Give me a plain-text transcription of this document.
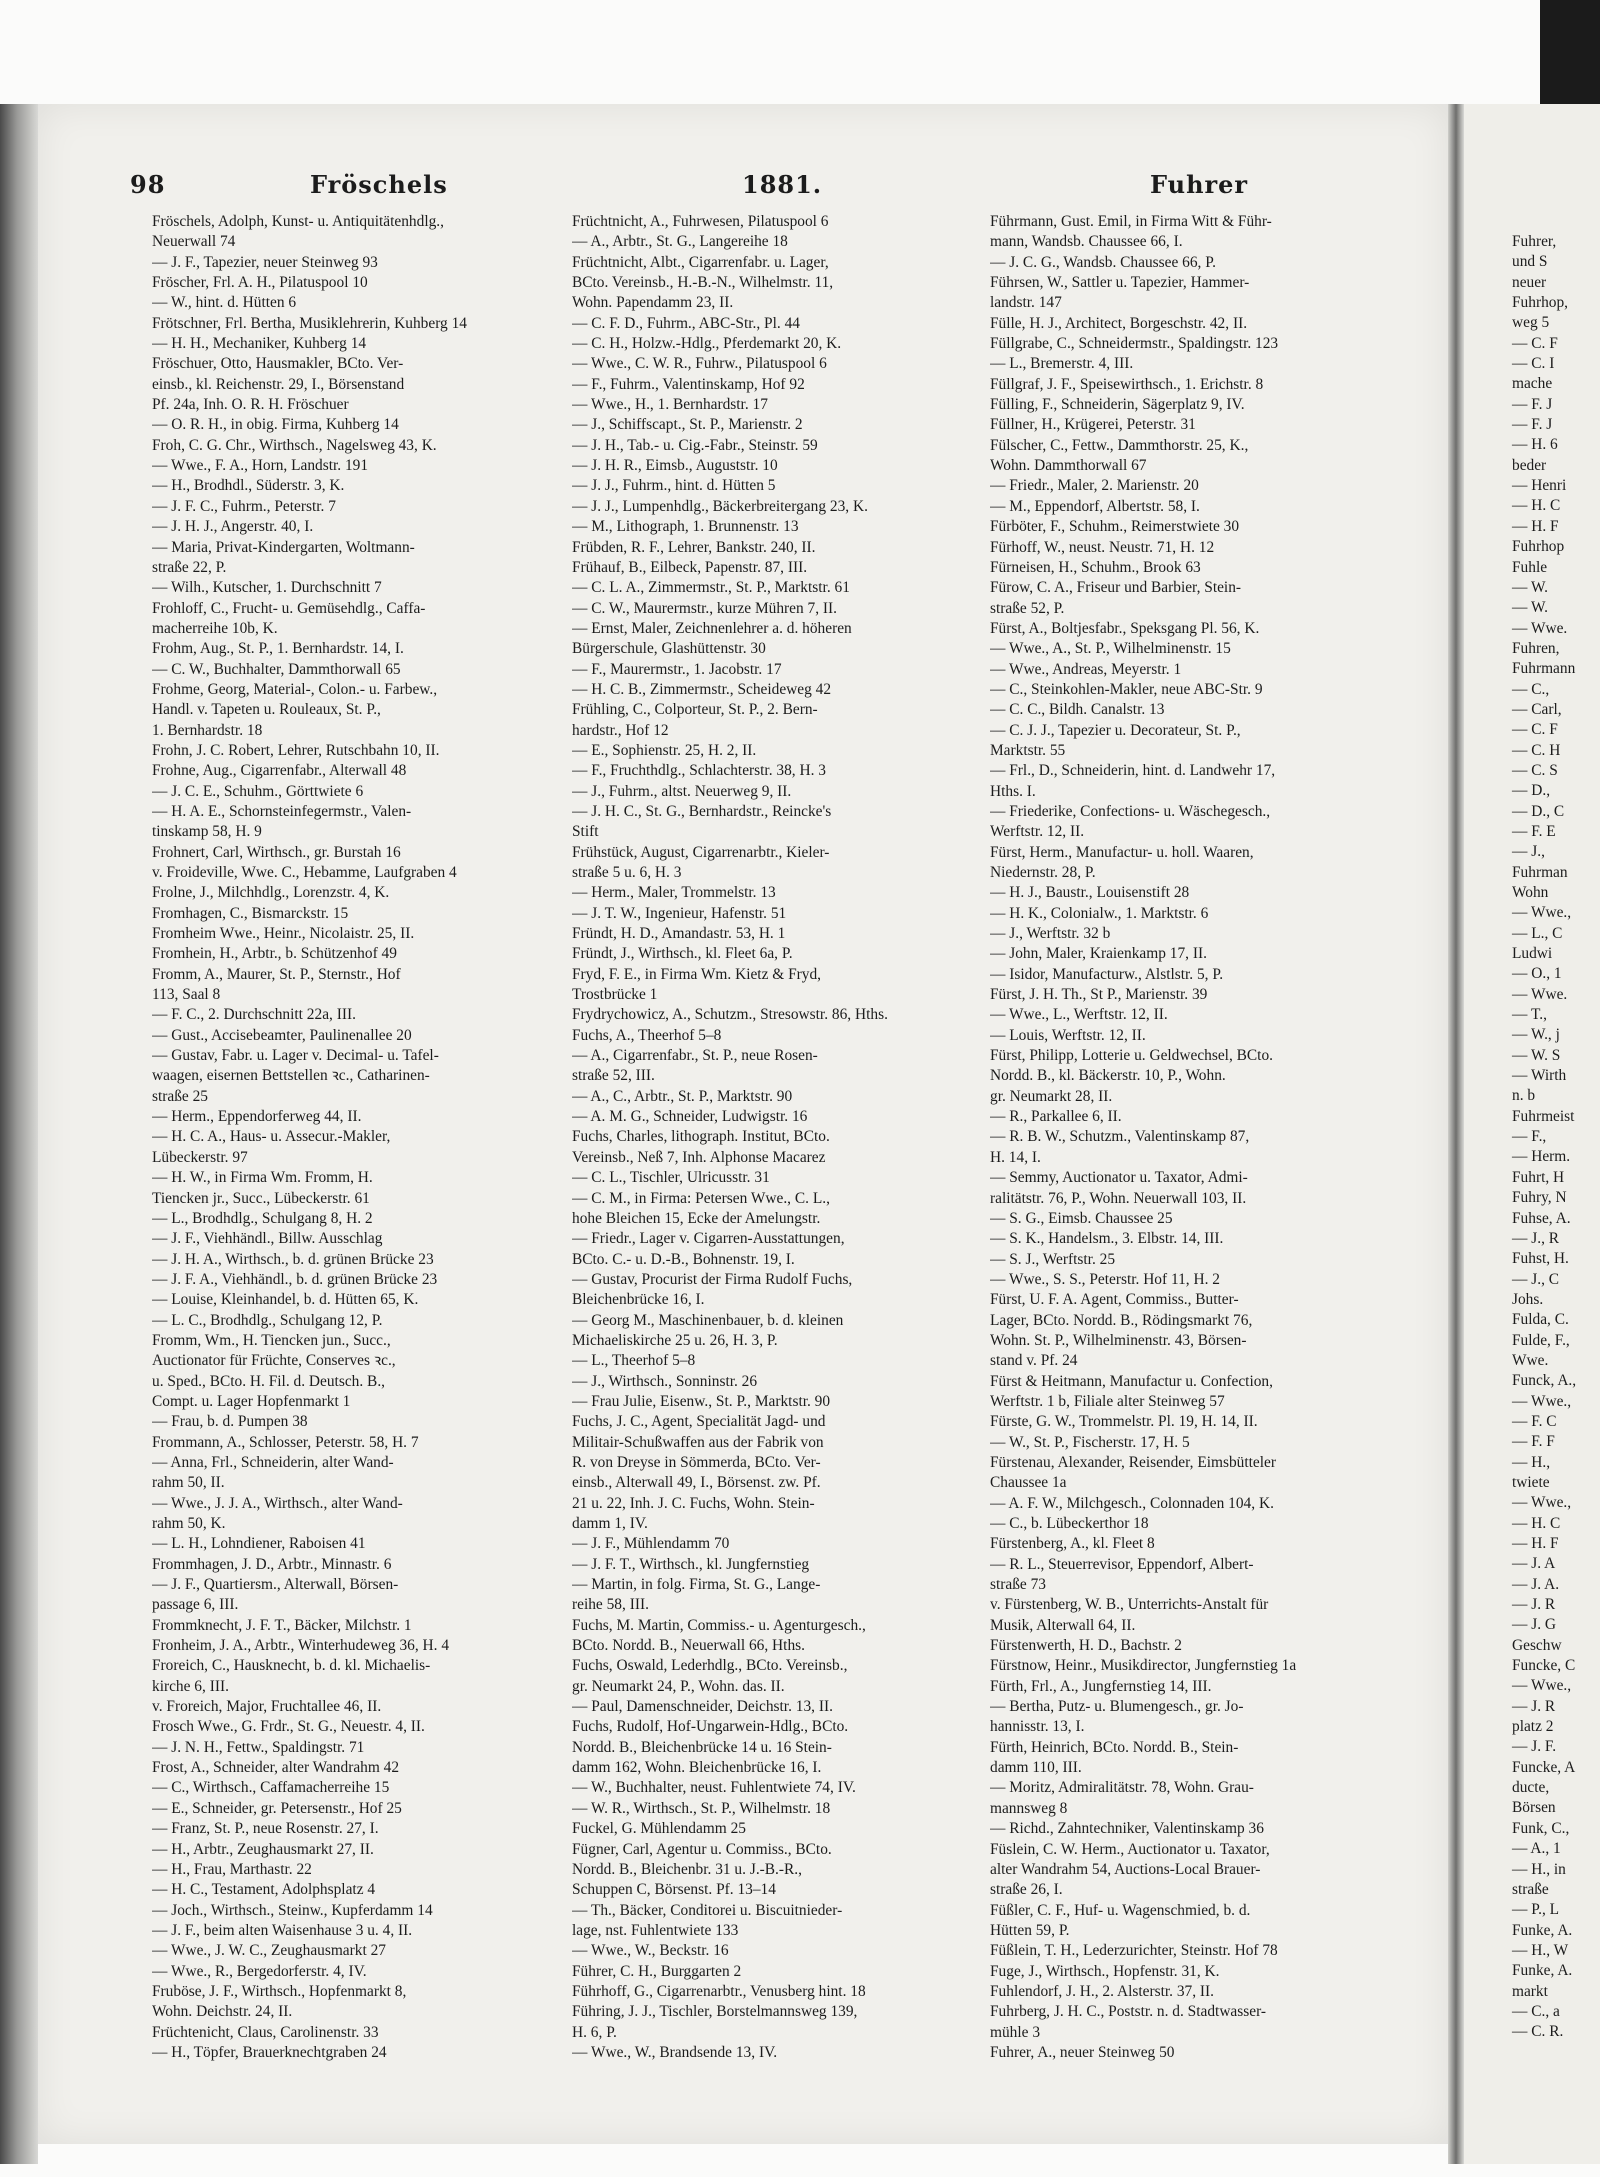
Fuhrer,
und S
neuer
Fuhrhop,
weg 5
— C. F
— C. I
mache
— F. J
— F. J
— H. 6
beder
— Henri
— H. C
— H. F
Fuhrhop
Fuhle
— W.
— W.
— Wwe.
Fuhren,
Fuhrmann
— C.,
— Carl,
— C. F
— C. H
— C. S
— D.,
— D., C
— F. E
— J.,
Fuhrman
Wohn
— Wwe.,
— L., C
Ludwi
— O., 1
— Wwe.
— T.,
— W., j
— W. S
— Wirth
n. b
Fuhrmeist
— F.,
— Herm.
Fuhrt, H
Fuhry, N
Fuhse, A.
— J., R
Fuhst, H.
— J., C
Johs.
Fulda, C.
Fulde, F.,
Wwe.
Funck, A.,
— Wwe.,
— F. C
— F. F
— H.,
twiete
— Wwe.,
— H. C
— H. F
— J. A
— J. A.
— J. R
— J. G
Geschw
Funcke, C
— Wwe.,
— J. R
platz 2
— J. F.
Funcke, A
ducte,
Börsen
Funk, C.,
— A., 1
— H., in
straße
— P., L
Funke, A.
— H., W
Funke, A.
markt
— C., a
— C. R.
98	Fröschels	1881.	Fuhrer
Fröschels, Adolph, Kunst- u. Antiquitätenhdlg.,
Neuerwall 74
— J. F., Tapezier, neuer Steinweg 93
Fröscher, Frl. A. H., Pilatuspool 10
— W., hint. d. Hütten 6
Frötschner, Frl. Bertha, Musiklehrerin, Kuhberg 14
— H. H., Mechaniker, Kuhberg 14
Fröschuer, Otto, Hausmakler, BCto. Ver-
einsb., kl. Reichenstr. 29, I., Börsenstand
Pf. 24a, Inh. O. R. H. Fröschuer
— O. R. H., in obig. Firma, Kuhberg 14
Froh, C. G. Chr., Wirthsch., Nagelsweg 43, K.
— Wwe., F. A., Horn, Landstr. 191
— H., Brodhdl., Süderstr. 3, K.
— J. F. C., Fuhrm., Peterstr. 7
— J. H. J., Angerstr. 40, I.
— Maria, Privat-Kindergarten, Woltmann-
straße 22, P.
— Wilh., Kutscher, 1. Durchschnitt 7
Frohloff, C., Frucht- u. Gemüsehdlg., Caffa-
macherreihe 10b, K.
Frohm, Aug., St. P., 1. Bernhardstr. 14, I.
— C. W., Buchhalter, Dammthorwall 65
Frohme, Georg, Material-, Colon.- u. Farbew.,
Handl. v. Tapeten u. Rouleaux, St. P.,
1. Bernhardstr. 18
Frohn, J. C. Robert, Lehrer, Rutschbahn 10, II.
Frohne, Aug., Cigarrenfabr., Alterwall 48
— J. C. E., Schuhm., Görttwiete 6
— H. A. E., Schornsteinfegermstr., Valen-
tinskamp 58, H. 9
Frohnert, Carl, Wirthsch., gr. Burstah 16
v. Froideville, Wwe. C., Hebamme, Laufgraben 4
Frolne, J., Milchhdlg., Lorenzstr. 4, K.
Fromhagen, C., Bismarckstr. 15
Fromheim Wwe., Heinr., Nicolaistr. 25, II.
Fromhein, H., Arbtr., b. Schützenhof 49
Fromm, A., Maurer, St. P., Sternstr., Hof
113, Saal 8
— F. C., 2. Durchschnitt 22a, III.
— Gust., Accisebeamter, Paulinenallee 20
— Gustav, Fabr. u. Lager v. Decimal- u. Tafel-
waagen, eisernen Bettstellen ꝛc., Catharinen-
straße 25
— Herm., Eppendorferweg 44, II.
— H. C. A., Haus- u. Assecur.-Makler,
Lübeckerstr. 97
— H. W., in Firma Wm. Fromm, H.
Tiencken jr., Succ., Lübeckerstr. 61
— L., Brodhdlg., Schulgang 8, H. 2
— J. F., Viehhändl., Billw. Ausschlag
— J. H. A., Wirthsch., b. d. grünen Brücke 23
— J. F. A., Viehhändl., b. d. grünen Brücke 23
— Louise, Kleinhandel, b. d. Hütten 65, K.
— L. C., Brodhdlg., Schulgang 12, P.
Fromm, Wm., H. Tiencken jun., Succ.,
Auctionator für Früchte, Conserves ꝛc.,
u. Sped., BCto. H. Fil. d. Deutsch. B.,
Compt. u. Lager Hopfenmarkt 1
— Frau, b. d. Pumpen 38
Frommann, A., Schlosser, Peterstr. 58, H. 7
— Anna, Frl., Schneiderin, alter Wand-
rahm 50, II.
— Wwe., J. J. A., Wirthsch., alter Wand-
rahm 50, K.
— L. H., Lohndiener, Raboisen 41
Frommhagen, J. D., Arbtr., Minnastr. 6
— J. F., Quartiersm., Alterwall, Börsen-
passage 6, III.
Frommknecht, J. F. T., Bäcker, Milchstr. 1
Fronheim, J. A., Arbtr., Winterhudeweg 36, H. 4
Froreich, C., Hausknecht, b. d. kl. Michaelis-
kirche 6, III.
v. Froreich, Major, Fruchtallee 46, II.
Frosch Wwe., G. Frdr., St. G., Neuestr. 4, II.
— J. N. H., Fettw., Spaldingstr. 71
Frost, A., Schneider, alter Wandrahm 42
— C., Wirthsch., Caffamacherreihe 15
— E., Schneider, gr. Petersenstr., Hof 25
— Franz, St. P., neue Rosenstr. 27, I.
— H., Arbtr., Zeughausmarkt 27, II.
— H., Frau, Marthastr. 22
— H. C., Testament, Adolphsplatz 4
— Joch., Wirthsch., Steinw., Kupferdamm 14
— J. F., beim alten Waisenhause 3 u. 4, II.
— Wwe., J. W. C., Zeughausmarkt 27
— Wwe., R., Bergedorferstr. 4, IV.
Fruböse, J. F., Wirthsch., Hopfenmarkt 8,
Wohn. Deichstr. 24, II.
Früchtenicht, Claus, Carolinenstr. 33
— H., Töpfer, Brauerknechtgraben 24
Früchtnicht, A., Fuhrwesen, Pilatuspool 6
— A., Arbtr., St. G., Langereihe 18
Früchtnicht, Albt., Cigarrenfabr. u. Lager,
BCto. Vereinsb., H.-B.-N., Wilhelmstr. 11,
Wohn. Papendamm 23, II.
— C. F. D., Fuhrm., ABC-Str., Pl. 44
— C. H., Holzw.-Hdlg., Pferdemarkt 20, K.
— Wwe., C. W. R., Fuhrw., Pilatuspool 6
— F., Fuhrm., Valentinskamp, Hof 92
— Wwe., H., 1. Bernhardstr. 17
— J., Schiffscapt., St. P., Marienstr. 2
— J. H., Tab.- u. Cig.-Fabr., Steinstr. 59
— J. H. R., Eimsb., Auguststr. 10
— J. J., Fuhrm., hint. d. Hütten 5
— J. J., Lumpenhdlg., Bäckerbreitergang 23, K.
— M., Lithograph, 1. Brunnenstr. 13
Frübden, R. F., Lehrer, Bankstr. 240, II.
Frühauf, B., Eilbeck, Papenstr. 87, III.
— C. L. A., Zimmermstr., St. P., Marktstr. 61
— C. W., Maurermstr., kurze Mühren 7, II.
— Ernst, Maler, Zeichnenlehrer a. d. höheren
Bürgerschule, Glashüttenstr. 30
— F., Maurermstr., 1. Jacobstr. 17
— H. C. B., Zimmermstr., Scheideweg 42
Frühling, C., Colporteur, St. P., 2. Bern-
hardstr., Hof 12
— E., Sophienstr. 25, H. 2, II.
— F., Fruchthdlg., Schlachterstr. 38, H. 3
— J., Fuhrm., altst. Neuerweg 9, II.
— J. H. C., St. G., Bernhardstr., Reincke's
Stift
Frühstück, August, Cigarrenarbtr., Kieler-
straße 5 u. 6, H. 3
— Herm., Maler, Trommelstr. 13
— J. T. W., Ingenieur, Hafenstr. 51
Fründt, H. D., Amandastr. 53, H. 1
Fründt, J., Wirthsch., kl. Fleet 6a, P.
Fryd, F. E., in Firma Wm. Kietz & Fryd,
Trostbrücke 1
Frydrychowicz, A., Schutzm., Stresowstr. 86, Hths.
Fuchs, A., Theerhof 5–8
— A., Cigarrenfabr., St. P., neue Rosen-
straße 52, III.
— A., C., Arbtr., St. P., Marktstr. 90
— A. M. G., Schneider, Ludwigstr. 16
Fuchs, Charles, lithograph. Institut, BCto.
Vereinsb., Neß 7, Inh. Alphonse Macarez
— C. L., Tischler, Ulricusstr. 31
— C. M., in Firma: Petersen Wwe., C. L.,
hohe Bleichen 15, Ecke der Amelungstr.
— Friedr., Lager v. Cigarren-Ausstattungen,
BCto. C.- u. D.-B., Bohnenstr. 19, I.
— Gustav, Procurist der Firma Rudolf Fuchs,
Bleichenbrücke 16, I.
— Georg M., Maschinenbauer, b. d. kleinen
Michaeliskirche 25 u. 26, H. 3, P.
— L., Theerhof 5–8
— J., Wirthsch., Sonninstr. 26
— Frau Julie, Eisenw., St. P., Marktstr. 90
Fuchs, J. C., Agent, Specialität Jagd- und
Militair-Schußwaffen aus der Fabrik von
R. von Dreyse in Sömmerda, BCto. Ver-
einsb., Alterwall 49, I., Börsenst. zw. Pf.
21 u. 22, Inh. J. C. Fuchs, Wohn. Stein-
damm 1, IV.
— J. F., Mühlendamm 70
— J. F. T., Wirthsch., kl. Jungfernstieg
— Martin, in folg. Firma, St. G., Lange-
reihe 58, III.
Fuchs, M. Martin, Commiss.- u. Agenturgesch.,
BCto. Nordd. B., Neuerwall 66, Hths.
Fuchs, Oswald, Lederhdlg., BCto. Vereinsb.,
gr. Neumarkt 24, P., Wohn. das. II.
— Paul, Damenschneider, Deichstr. 13, II.
Fuchs, Rudolf, Hof-Ungarwein-Hdlg., BCto.
Nordd. B., Bleichenbrücke 14 u. 16 Stein-
damm 162, Wohn. Bleichenbrücke 16, I.
— W., Buchhalter, neust. Fuhlentwiete 74, IV.
— W. R., Wirthsch., St. P., Wilhelmstr. 18
Fuckel, G. Mühlendamm 25
Fügner, Carl, Agentur u. Commiss., BCto.
Nordd. B., Bleichenbr. 31 u. J.-B.-R.,
Schuppen C, Börsenst. Pf. 13–14
— Th., Bäcker, Conditorei u. Biscuitnieder-
lage, nst. Fuhlentwiete 133
— Wwe., W., Beckstr. 16
Führer, C. H., Burggarten 2
Führhoff, G., Cigarrenarbtr., Venusberg hint. 18
Führing, J. J., Tischler, Borstelmannsweg 139,
H. 6, P.
— Wwe., W., Brandsende 13, IV.
Führmann, Gust. Emil, in Firma Witt & Führ-
mann, Wandsb. Chaussee 66, I.
— J. C. G., Wandsb. Chaussee 66, P.
Führsen, W., Sattler u. Tapezier, Hammer-
landstr. 147
Fülle, H. J., Architect, Borgeschstr. 42, II.
Füllgrabe, C., Schneidermstr., Spaldingstr. 123
— L., Bremerstr. 4, III.
Füllgraf, J. F., Speisewirthsch., 1. Erichstr. 8
Fülling, F., Schneiderin, Sägerplatz 9, IV.
Füllner, H., Krügerei, Peterstr. 31
Fülscher, C., Fettw., Dammthorstr. 25, K.,
Wohn. Dammthorwall 67
— Friedr., Maler, 2. Marienstr. 20
— M., Eppendorf, Albertstr. 58, I.
Fürböter, F., Schuhm., Reimerstwiete 30
Fürhoff, W., neust. Neustr. 71, H. 12
Fürneisen, H., Schuhm., Brook 63
Fürow, C. A., Friseur und Barbier, Stein-
straße 52, P.
Fürst, A., Boltjesfabr., Speksgang Pl. 56, K.
— Wwe., A., St. P., Wilhelminenstr. 15
— Wwe., Andreas, Meyerstr. 1
— C., Steinkohlen-Makler, neue ABC-Str. 9
— C. C., Bildh. Canalstr. 13
— C. J. J., Tapezier u. Decorateur, St. P.,
Marktstr. 55
— Frl., D., Schneiderin, hint. d. Landwehr 17,
Hths. I.
— Friederike, Confections- u. Wäschegesch.,
Werftstr. 12, II.
Fürst, Herm., Manufactur- u. holl. Waaren,
Niedernstr. 28, P.
— H. J., Baustr., Louisenstift 28
— H. K., Colonialw., 1. Marktstr. 6
— J., Werftstr. 32 b
— John, Maler, Kraienkamp 17, II.
— Isidor, Manufacturw., Alstlstr. 5, P.
Fürst, J. H. Th., St P., Marienstr. 39
— Wwe., L., Werftstr. 12, II.
— Louis, Werftstr. 12, II.
Fürst, Philipp, Lotterie u. Geldwechsel, BCto.
Nordd. B., kl. Bäckerstr. 10, P., Wohn.
gr. Neumarkt 28, II.
— R., Parkallee 6, II.
— R. B. W., Schutzm., Valentinskamp 87,
H. 14, I.
— Semmy, Auctionator u. Taxator, Admi-
ralitätstr. 76, P., Wohn. Neuerwall 103, II.
— S. G., Eimsb. Chaussee 25
— S. K., Handelsm., 3. Elbstr. 14, III.
— S. J., Werftstr. 25
— Wwe., S. S., Peterstr. Hof 11, H. 2
Fürst, U. F. A. Agent, Commiss., Butter-
Lager, BCto. Nordd. B., Rödingsmarkt 76,
Wohn. St. P., Wilhelminenstr. 43, Börsen-
stand v. Pf. 24
Fürst & Heitmann, Manufactur u. Confection,
Werftstr. 1 b, Filiale alter Steinweg 57
Fürste, G. W., Trommelstr. Pl. 19, H. 14, II.
— W., St. P., Fischerstr. 17, H. 5
Fürstenau, Alexander, Reisender, Eimsbütteler
Chaussee 1a
— A. F. W., Milchgesch., Colonnaden 104, K.
— C., b. Lübeckerthor 18
Fürstenberg, A., kl. Fleet 8
— R. L., Steuerrevisor, Eppendorf, Albert-
straße 73
v. Fürstenberg, W. B., Unterrichts-Anstalt für
Musik, Alterwall 64, II.
Fürstenwerth, H. D., Bachstr. 2
Fürstnow, Heinr., Musikdirector, Jungfernstieg 1a
Fürth, Frl., A., Jungfernstieg 14, III.
— Bertha, Putz- u. Blumengesch., gr. Jo-
hannisstr. 13, I.
Fürth, Heinrich, BCto. Nordd. B., Stein-
damm 110, III.
— Moritz, Admiralitätstr. 78, Wohn. Grau-
mannsweg 8
— Richd., Zahntechniker, Valentinskamp 36
Füslein, C. W. Herm., Auctionator u. Taxator,
alter Wandrahm 54, Auctions-Local Brauer-
straße 26, I.
Füßler, C. F., Huf- u. Wagenschmied, b. d.
Hütten 59, P.
Füßlein, T. H., Lederzurichter, Steinstr. Hof 78
Fuge, J., Wirthsch., Hopfenstr. 31, K.
Fuhlendorf, J. H., 2. Alsterstr. 37, II.
Fuhrberg, J. H. C., Poststr. n. d. Stadtwasser-
mühle 3
Fuhrer, A., neuer Steinweg 50
